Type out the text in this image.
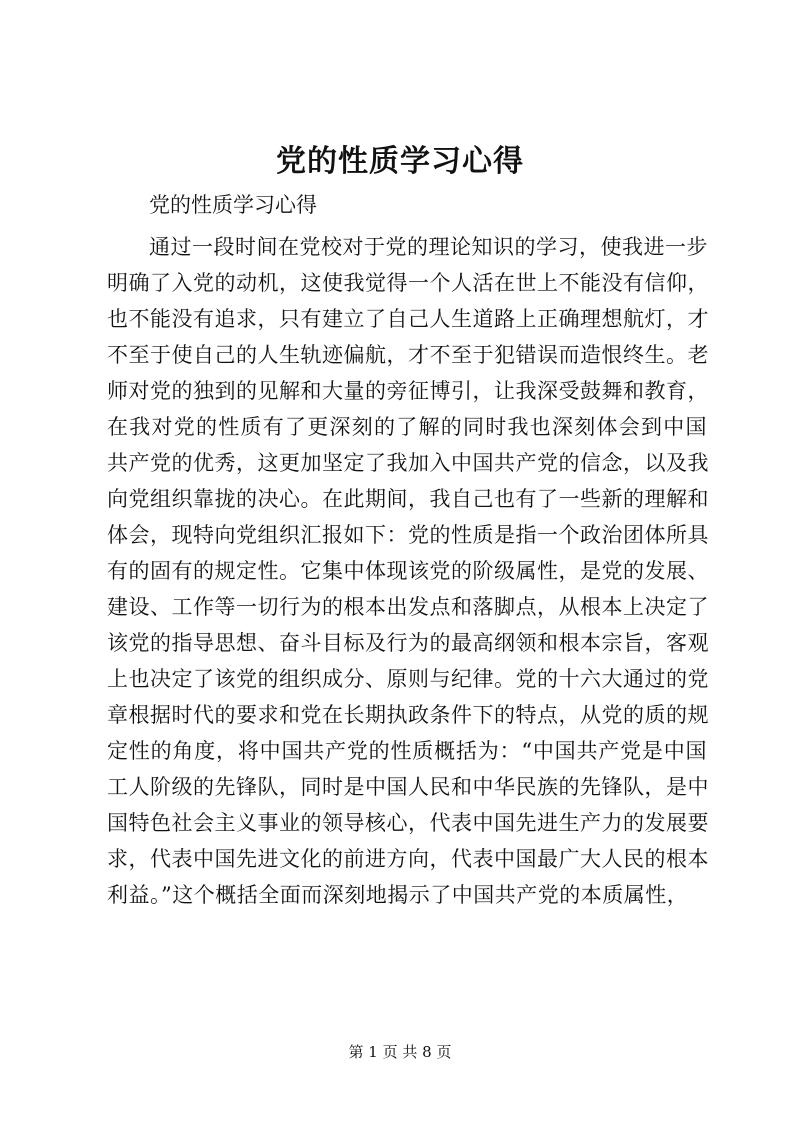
党的性质学习心得

党的性质学习心得

通过一段时间在党校对于党的理论知识的学习，使我进一步
明确了入党的动机，这使我觉得一个人活在世上不能没有信仰，
也不能没有追求，只有建立了自己人生道路上正确理想航灯，才
不至于使自己的人生轨迹偏航，才不至于犯错误而造恨终生。老
师对党的独到的见解和大量的旁征博引，让我深受鼓舞和教育，
在我对党的性质有了更深刻的了解的同时我也深刻体会到中国
共产党的优秀，这更加坚定了我加入中国共产党的信念，以及我
向党组织靠拢的决心。在此期间，我自己也有了一些新的理解和
体会，现特向党组织汇报如下：党的性质是指一个政治团体所具
有的固有的规定性。它集中体现该党的阶级属性，是党的发展、
建设、工作等一切行为的根本出发点和落脚点，从根本上决定了
该党的指导思想、奋斗目标及行为的最高纲领和根本宗旨，客观
上也决定了该党的组织成分、原则与纪律。党的十六大通过的党
章根据时代的要求和党在长期执政条件下的特点，从党的质的规
定性的角度，将中国共产党的性质概括为：“中国共产党是中国
工人阶级的先锋队，同时是中国人民和中华民族的先锋队，是中
国特色社会主义事业的领导核心，代表中国先进生产力的发展要
求，代表中国先进文化的前进方向，代表中国最广大人民的根本
利益。”这个概括全面而深刻地揭示了中国共产党的本质属性，
第 1 页 共 8 页
